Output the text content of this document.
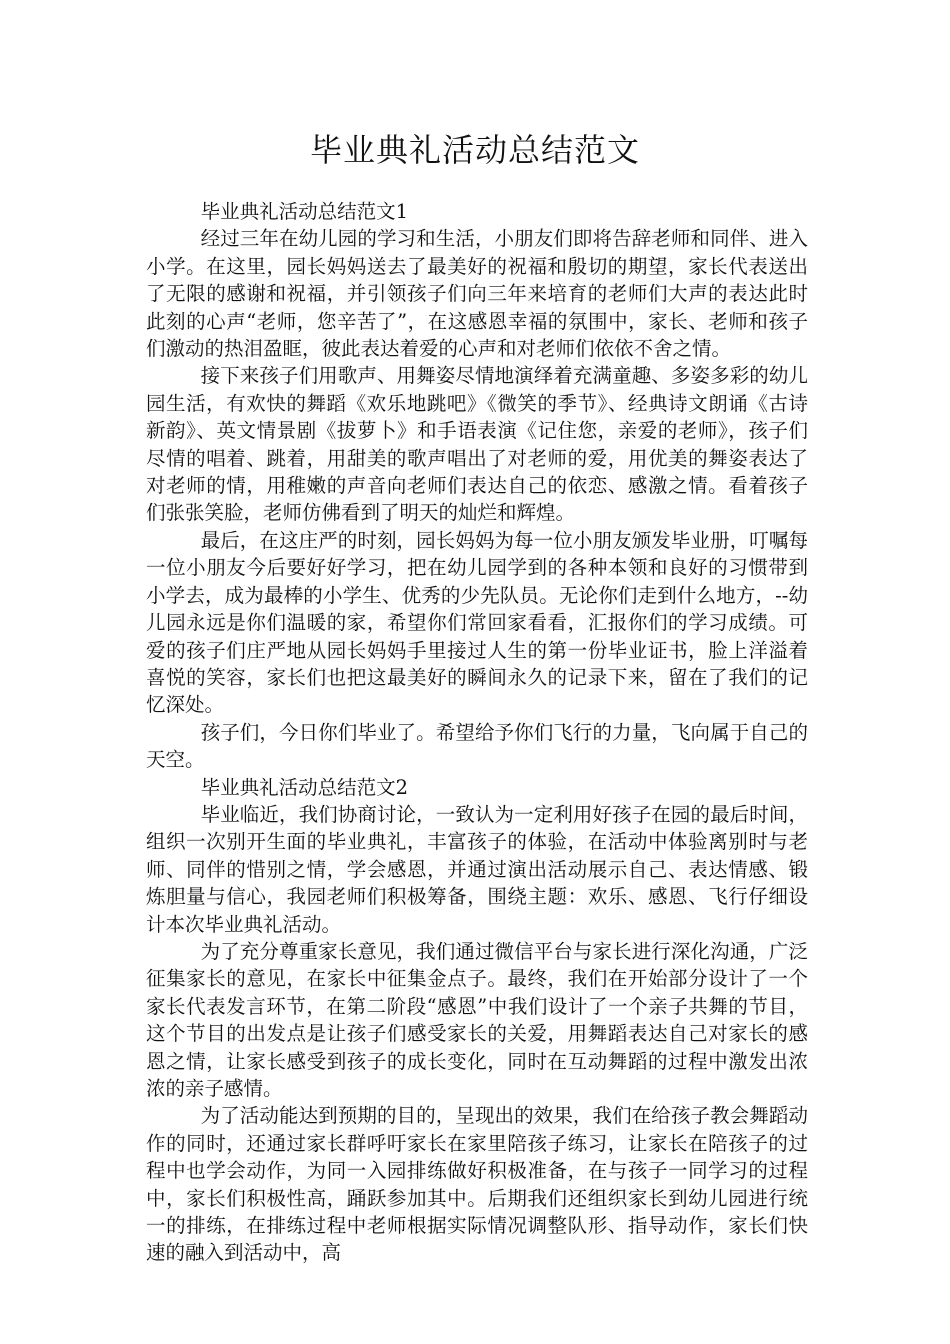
毕业典礼活动总结范文

毕业典礼活动总结范文1

经过三年在幼儿园的学习和生活，小朋友们即将告辞老师和同伴、进入小学。在这里，园长妈妈送去了最美好的祝福和殷切的期望，家长代表送出了无限的感谢和祝福，并引领孩子们向三年来培育的老师们大声的表达此时此刻的心声“老师，您辛苦了”，在这感恩幸福的氛围中，家长、老师和孩子们激动的热泪盈眶，彼此表达着爱的心声和对老师们依依不舍之情。

接下来孩子们用歌声、用舞姿尽情地演绎着充满童趣、多姿多彩的幼儿园生活，有欢快的舞蹈《欢乐地跳吧》《微笑的季节》、经典诗文朗诵《古诗新韵》、英文情景剧《拔萝卜》和手语表演《记住您，亲爱的老师》，孩子们尽情的唱着、跳着，用甜美的歌声唱出了对老师的爱，用优美的舞姿表达了对老师的情，用稚嫩的声音向老师们表达自己的依恋、感激之情。看着孩子们张张笑脸，老师仿佛看到了明天的灿烂和辉煌。

最后，在这庄严的时刻，园长妈妈为每一位小朋友颁发毕业册，叮嘱每一位小朋友今后要好好学习，把在幼儿园学到的各种本领和良好的习惯带到小学去，成为最棒的小学生、优秀的少先队员。无论你们走到什么地方，--幼儿园永远是你们温暖的家，希望你们常回家看看，汇报你们的学习成绩。可爱的孩子们庄严地从园长妈妈手里接过人生的第一份毕业证书，脸上洋溢着喜悦的笑容，家长们也把这最美好的瞬间永久的记录下来，留在了我们的记忆深处。

孩子们，今日你们毕业了。希望给予你们飞行的力量，飞向属于自己的天空。

毕业典礼活动总结范文2

毕业临近，我们协商讨论，一致认为一定利用好孩子在园的最后时间，组织一次别开生面的毕业典礼，丰富孩子的体验，在活动中体验离别时与老师、同伴的惜别之情，学会感恩，并通过演出活动展示自己、表达情感、锻炼胆量与信心，我园老师们积极筹备，围绕主题：欢乐、感恩、飞行仔细设计本次毕业典礼活动。

为了充分尊重家长意见，我们通过微信平台与家长进行深化沟通，广泛征集家长的意见，在家长中征集金点子。最终，我们在开始部分设计了一个家长代表发言环节，在第二阶段“感恩”中我们设计了一个亲子共舞的节目，这个节目的出发点是让孩子们感受家长的关爱，用舞蹈表达自己对家长的感恩之情，让家长感受到孩子的成长变化，同时在互动舞蹈的过程中激发出浓浓的亲子感情。

为了活动能达到预期的目的，呈现出的效果，我们在给孩子教会舞蹈动作的同时，还通过家长群呼吁家长在家里陪孩子练习，让家长在陪孩子的过程中也学会动作，为同一入园排练做好积极准备，在与孩子一同学习的过程中，家长们积极性高，踊跃参加其中。后期我们还组织家长到幼儿园进行统一的排练，在排练过程中老师根据实际情况调整队形、指导动作，家长们快速的融入到活动中，高
